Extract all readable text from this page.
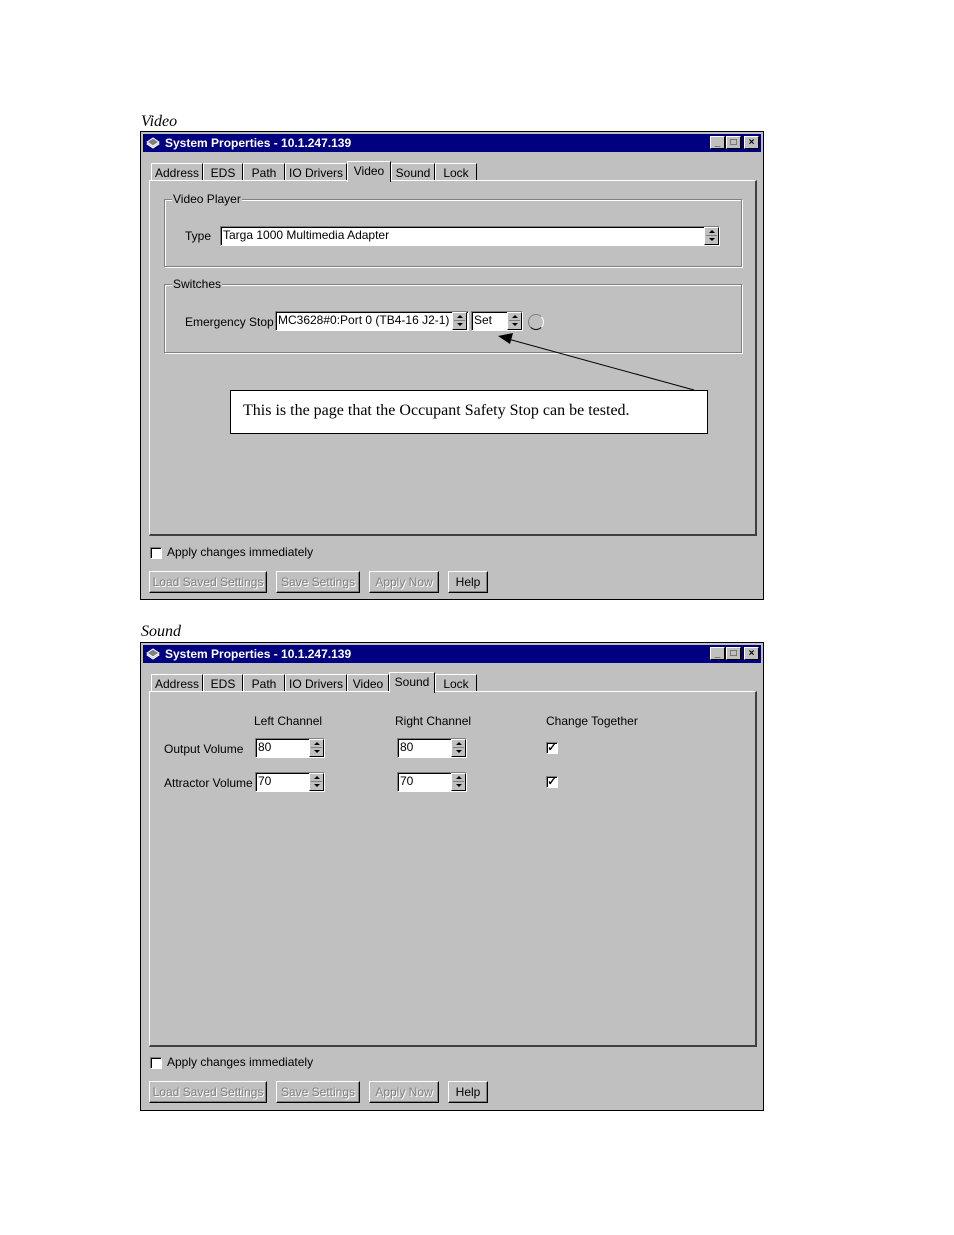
Video
System Properties - 10.1.247.139	_	□	×
Address EDS	Path	IO Drivers Video Sound	Lock
Video Player
Type Targa 1000 Multimedia Adapter
Switches
Emergency Stop MC3628#0:Port 0 (TB4-16 J2-1)	Set
Apply changes immediately
Load Saved Settings	Save Settings	Apply Now	Help
This is the page that the Occupant Safety Stop can be tested.
Sound
System Properties - 10.1.247.139	_	□	×
Address EDS	Path	IO Drivers Video Sound	Lock
Left Channel	Right Channel	Change Together
Output Volume 80	80	✓
Attractor Volume 70	70	✓
Apply changes immediately
Load Saved Settings	Save Settings	Apply Now	Help
